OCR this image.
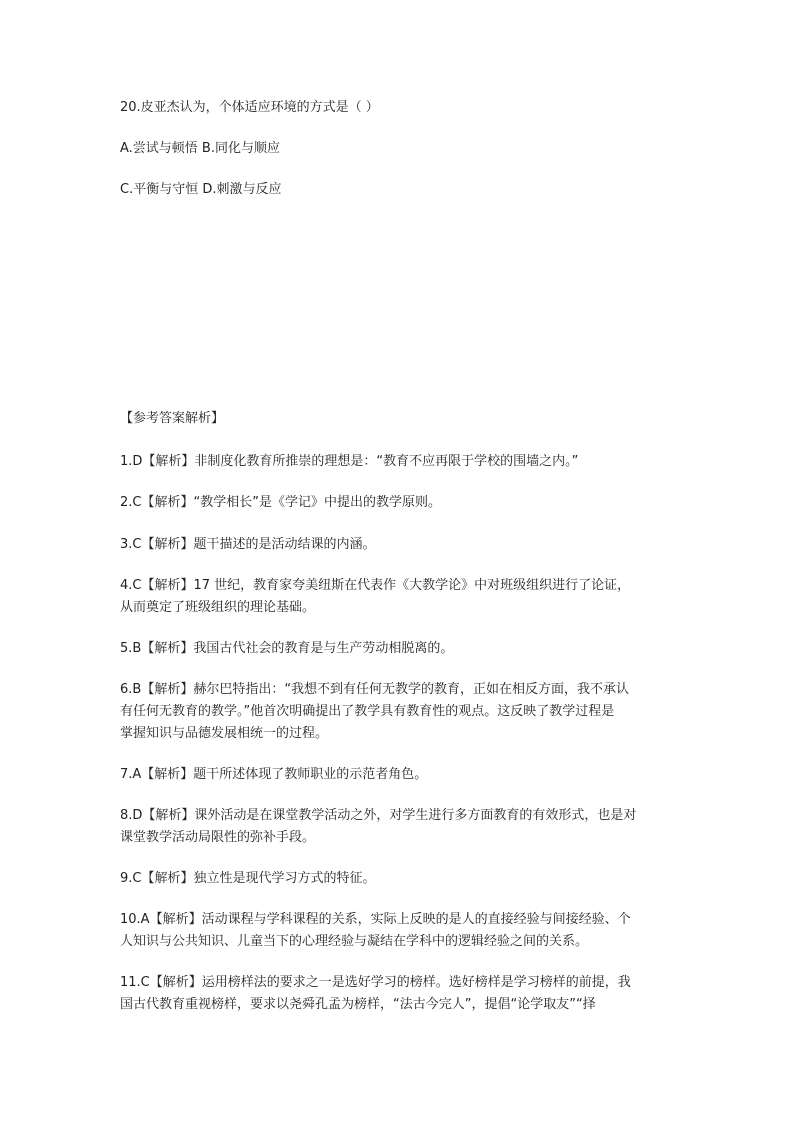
20.皮亚杰认为，个体适应环境的方式是（ ）
A.尝试与顿悟 B.同化与顺应
C.平衡与守恒 D.刺激与反应
【参考答案解析】
1.D【解析】非制度化教育所推崇的理想是：“教育不应再限于学校的围墙之内。”
2.C【解析】“教学相长”是《学记》中提出的教学原则。
3.C【解析】题干描述的是活动结课的内涵。
4.C【解析】17 世纪，教育家夸美纽斯在代表作《大教学论》中对班级组织进行了论证，
从而奠定了班级组织的理论基础。
5.B【解析】我国古代社会的教育是与生产劳动相脱离的。
6.B【解析】赫尔巴特指出：“我想不到有任何无教学的教育，正如在相反方面，我不承认
有任何无教育的教学。”他首次明确提出了教学具有教育性的观点。这反映了教学过程是
掌握知识与品德发展相统一的过程。
7.A【解析】题干所述体现了教师职业的示范者角色。
8.D【解析】课外活动是在课堂教学活动之外，对学生进行多方面教育的有效形式，也是对
课堂教学活动局限性的弥补手段。
9.C【解析】独立性是现代学习方式的特征。
10.A【解析】活动课程与学科课程的关系，实际上反映的是人的直接经验与间接经验、个
人知识与公共知识、儿童当下的心理经验与凝结在学科中的逻辑经验之间的关系。
11.C【解析】运用榜样法的要求之一是选好学习的榜样。选好榜样是学习榜样的前提，我
国古代教育重视榜样，要求以尧舜孔孟为榜样，“法古今完人”，提倡“论学取友”“择
